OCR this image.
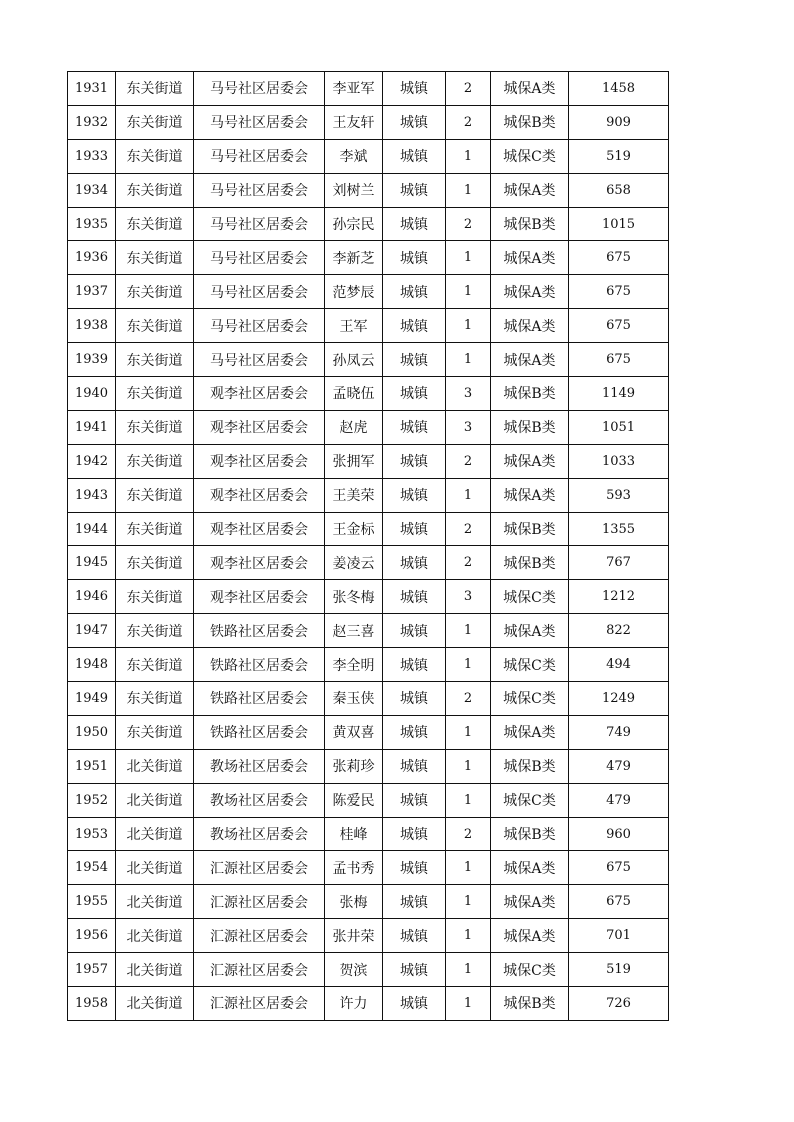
1931	东关街道	马号社区居委会	李亚军	城镇	2	城保A类	1458
1932	东关街道	马号社区居委会	王友轩	城镇	2	城保B类	909
1933	东关街道	马号社区居委会	李斌	城镇	1	城保C类	519
1934	东关街道	马号社区居委会	刘树兰	城镇	1	城保A类	658
1935	东关街道	马号社区居委会	孙宗民	城镇	2	城保B类	1015
1936	东关街道	马号社区居委会	李新芝	城镇	1	城保A类	675
1937	东关街道	马号社区居委会	范梦辰	城镇	1	城保A类	675
1938	东关街道	马号社区居委会	王军	城镇	1	城保A类	675
1939	东关街道	马号社区居委会	孙凤云	城镇	1	城保A类	675
1940	东关街道	观李社区居委会	孟晓伍	城镇	3	城保B类	1149
1941	东关街道	观李社区居委会	赵虎	城镇	3	城保B类	1051
1942	东关街道	观李社区居委会	张拥军	城镇	2	城保A类	1033
1943	东关街道	观李社区居委会	王美荣	城镇	1	城保A类	593
1944	东关街道	观李社区居委会	王金标	城镇	2	城保B类	1355
1945	东关街道	观李社区居委会	姜凌云	城镇	2	城保B类	767
1946	东关街道	观李社区居委会	张冬梅	城镇	3	城保C类	1212
1947	东关街道	铁路社区居委会	赵三喜	城镇	1	城保A类	822
1948	东关街道	铁路社区居委会	李全明	城镇	1	城保C类	494
1949	东关街道	铁路社区居委会	秦玉侠	城镇	2	城保C类	1249
1950	东关街道	铁路社区居委会	黄双喜	城镇	1	城保A类	749
1951	北关街道	教场社区居委会	张莉珍	城镇	1	城保B类	479
1952	北关街道	教场社区居委会	陈爱民	城镇	1	城保C类	479
1953	北关街道	教场社区居委会	桂峰	城镇	2	城保B类	960
1954	北关街道	汇源社区居委会	孟书秀	城镇	1	城保A类	675
1955	北关街道	汇源社区居委会	张梅	城镇	1	城保A类	675
1956	北关街道	汇源社区居委会	张井荣	城镇	1	城保A类	701
1957	北关街道	汇源社区居委会	贺滨	城镇	1	城保C类	519
1958	北关街道	汇源社区居委会	许力	城镇	1	城保B类	726
